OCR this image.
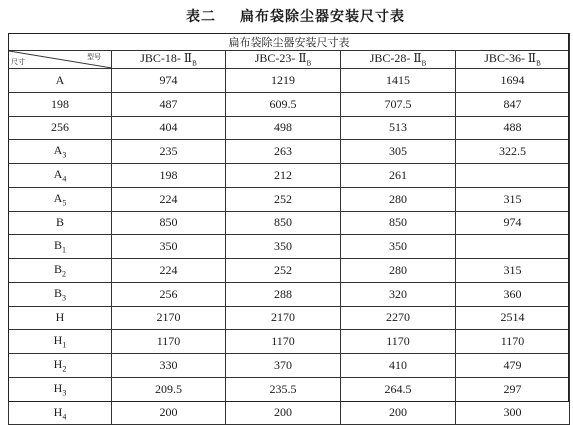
表二 扁布袋除尘器安装尺寸表
扁布袋除尘器安装尺寸表				

型号
尺寸	JBC-18- $Ⅱ_B$	JBC-23- $Ⅱ_B$	JBC-28- $Ⅱ_B$	JBC-36- $Ⅱ_B$
A	974	1219	1415	1694
198	487	609.5	707.5	847
256	404	498	513	488
$A_3$	235	263	305	322.5
$A_4$	198	212	261	
$A_5$	224	252	280	315
B	850	850	850	974
$B_1$	350	350	350	
$B_2$	224	252	280	315
$B_3$	256	288	320	360
H	2170	2170	2270	2514
$H_1$	1170	1170	1170	1170
$H_2$	330	370	410	479
$H_3$	209.5	235.5	264.5	297
$H_4$	200	200	200	300
